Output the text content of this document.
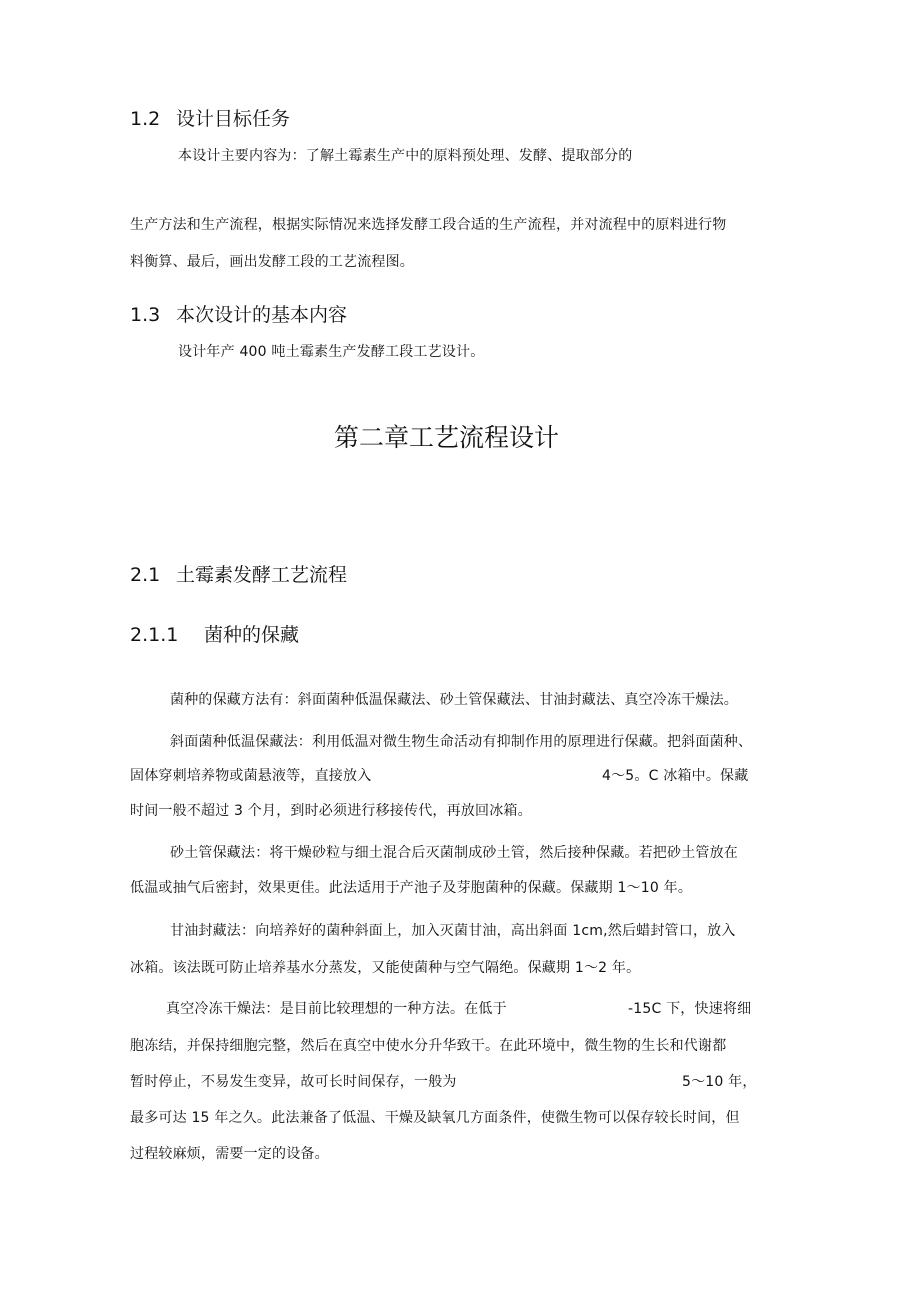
1.2 设计目标任务
本设计主要内容为：了解土霉素生产中的原料预处理、发酵、提取部分的
生产方法和生产流程，根据实际情况来选择发酵工段合适的生产流程，并对流程中的原料进行物
料衡算、最后，画出发酵工段的工艺流程图。
1.3 本次设计的基本内容
设计年产 400 吨土霉素生产发酵工段工艺设计。
第二章工艺流程设计
2.1 土霉素发酵工艺流程
2.1.1 菌种的保藏
菌种的保藏方法有：斜面菌种低温保藏法、砂土管保藏法、甘油封藏法、真空冷冻干燥法。
斜面菌种低温保藏法：利用低温对微生物生命活动有抑制作用的原理进行保藏。把斜面菌种、
固体穿刺培养物或菌悬液等，直接放入	4～5。C 冰箱中。保藏
时间一般不超过 3 个月，到时必须进行移接传代，再放回冰箱。
砂土管保藏法：将干燥砂粒与细土混合后灭菌制成砂土管，然后接种保藏。若把砂土管放在
低温或抽气后密封，效果更佳。此法适用于产池子及芽胞菌种的保藏。保藏期 1～10 年。
甘油封藏法：向培养好的菌种斜面上，加入灭菌甘油，高出斜面 1cm,然后蜡封管口，放入
冰箱。该法既可防止培养基水分蒸发，又能使菌种与空气隔绝。保藏期 1～2 年。
真空冷冻干燥法：是目前比较理想的一种方法。在低于	-15C 下，快速将细
胞冻结，并保持细胞完整，然后在真空中使水分升华致干。在此环境中，微生物的生长和代谢都
暂时停止，不易发生变异，故可长时间保存，一般为	5～10 年，
最多可达 15 年之久。此法兼备了低温、干燥及缺氧几方面条件，使微生物可以保存较长时间，但
过程较麻烦，需要一定的设备。
